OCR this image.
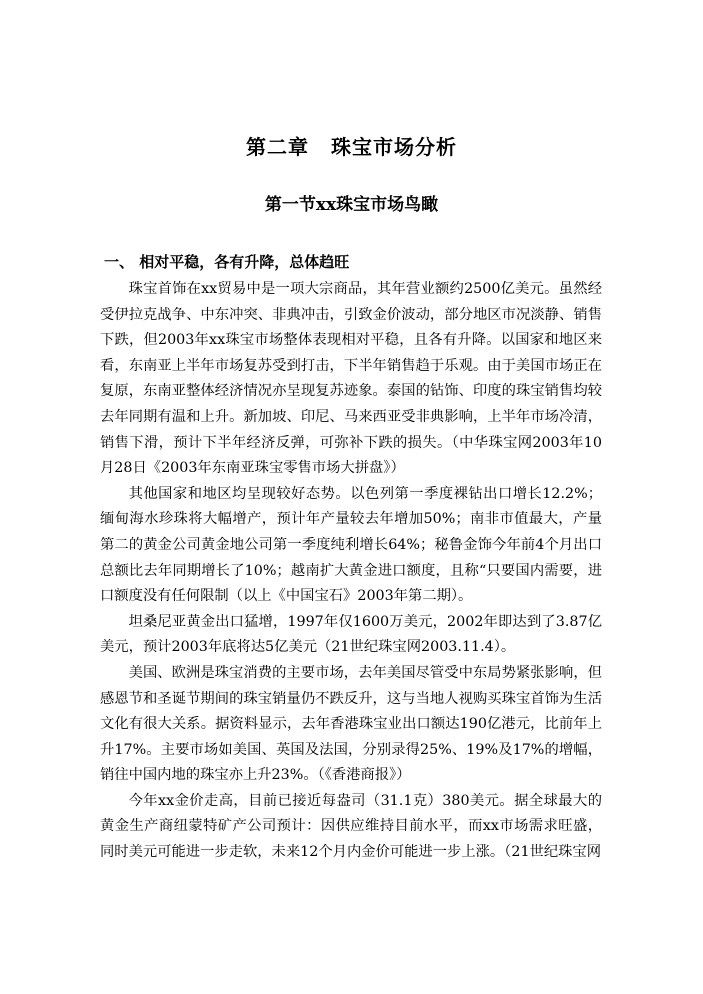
第二章 珠宝市场分析
第一节xx珠宝市场鸟瞰
一、 相对平稳，各有升降，总体趋旺

珠宝首饰在xx贸易中是一项大宗商品，其年营业额约2500亿美元。虽然经受伊拉克战争、中东冲突、非典冲击，引致金价波动，部分地区市况淡静、销售下跌，但2003年xx珠宝市场整体表现相对平稳，且各有升降。以国家和地区来看，东南亚上半年市场复苏受到打击，下半年销售趋于乐观。由于美国市场正在复原，东南亚整体经济情况亦呈现复苏迹象。泰国的钻饰、印度的珠宝销售均较去年同期有温和上升。新加坡、印尼、马来西亚受非典影响，上半年市场冷清，销售下滑，预计下半年经济反弹，可弥补下跌的损失。（中华珠宝网2003年10月28日《2003年东南亚珠宝零售市场大拼盘》）

其他国家和地区均呈现较好态势。以色列第一季度裸钻出口增长12.2%；缅甸海水珍珠将大幅增产，预计年产量较去年增加50%；南非市值最大，产量第二的黄金公司黄金地公司第一季度纯利增长64%；秘鲁金饰今年前4个月出口总额比去年同期增长了10%；越南扩大黄金进口额度，且称“只要国内需要，进口额度没有任何限制（以上《中国宝石》2003年第二期）。

坦桑尼亚黄金出口猛增，1997年仅1600万美元，2002年即达到了3.87亿美元，预计2003年底将达5亿美元（21世纪珠宝网2003.11.4）。

美国、欧洲是珠宝消费的主要市场，去年美国尽管受中东局势紧张影响，但感恩节和圣诞节期间的珠宝销量仍不跌反升，这与当地人视购买珠宝首饰为生活文化有很大关系。据资料显示，去年香港珠宝业出口额达190亿港元，比前年上升17%。主要市场如美国、英国及法国，分别录得25%、19%及17%的增幅，销往中国内地的珠宝亦上升23%。（《香港商报》）

今年xx金价走高，目前已接近每盎司（31.1克）380美元。据全球最大的黄金生产商纽蒙特矿产公司预计：因供应维持目前水平，而xx市场需求旺盛，同时美元可能进一步走软，未来12个月内金价可能进一步上涨。（21世纪珠宝网
